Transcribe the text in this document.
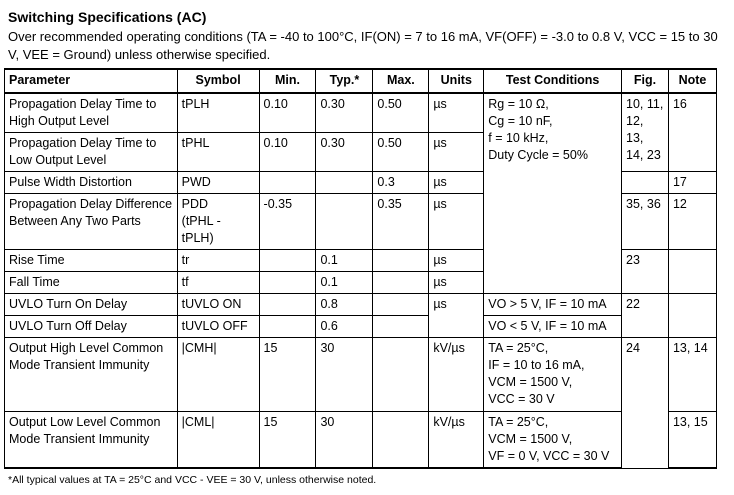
Switching Specifications (AC)
Over recommended operating conditions (TA = -40 to 100°C, IF(ON) = 7 to 16 mA, VF(OFF) = -3.0 to 0.8 V, VCC = 15 to 30 V, VEE = Ground) unless otherwise specified.
Parameter	Symbol	Min.	Typ.*	Max.	Units	Test Conditions	Fig.	Note
Propagation Delay Time to High Output Level	tPLH	0.10	0.30	0.50	µs	Rg = 10 Ω,
Cg = 10 nF,
f = 10 kHz,
Duty Cycle = 50%	10, 11, 12, 13, 14, 23	16
Propagation Delay Time to Low Output Level	tPHL	0.10	0.30	0.50	µs			
Pulse Width Distortion	PWD			0.3	µs			17
Propagation Delay Difference Between Any Two Parts	PDD
(tPHL - tPLH)	-0.35		0.35	µs		35, 36	12
Rise Time	tr		0.1		µs		23	
Fall Time	tf		0.1		µs			
UVLO Turn On Delay	tUVLO ON		0.8		µs	VO > 5 V, IF = 10 mA	22	
UVLO Turn Off Delay	tUVLO OFF		0.6			VO < 5 V, IF = 10 mA		
Output High Level Common Mode Transient Immunity	|CMH|	15	30		kV/µs	TA = 25°C,
IF = 10 to 16 mA,
VCM = 1500 V,
VCC = 30 V	24	13, 14
Output Low Level Common Mode Transient Immunity	|CML|	15	30		kV/µs	TA = 25°C,
VCM = 1500 V,
VF = 0 V, VCC = 30 V		13, 15
*All typical values at TA = 25°C and VCC - VEE = 30 V, unless otherwise noted.
